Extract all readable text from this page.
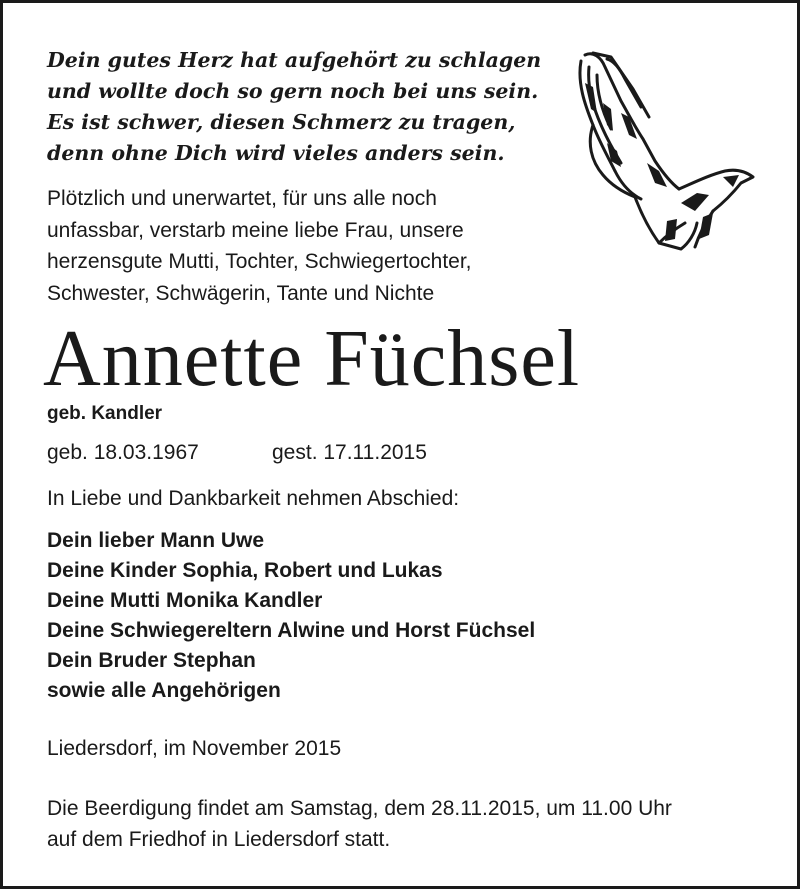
Dein gutes Herz hat aufgehört zu schlagen
und wollte doch so gern noch bei uns sein.
Es ist schwer, diesen Schmerz zu tragen,
denn ohne Dich wird vieles anders sein.
Plötzlich und unerwartet, für uns alle noch
unfassbar, verstarb meine liebe Frau, unsere
herzensgute Mutti, Tochter, Schwiegertochter,
Schwester, Schwägerin, Tante und Nichte
Annette Füchsel
geb. Kandler
geb. 18.03.1967	gest. 17.11.2015
In Liebe und Dankbarkeit nehmen Abschied:
Dein lieber Mann Uwe
Deine Kinder Sophia, Robert und Lukas
Deine Mutti Monika Kandler
Deine Schwiegereltern Alwine und Horst Füchsel
Dein Bruder Stephan
sowie alle Angehörigen
Liedersdorf, im November 2015
Die Beerdigung findet am Samstag, dem 28.11.2015, um 11.00 Uhr
auf dem Friedhof in Liedersdorf statt.
